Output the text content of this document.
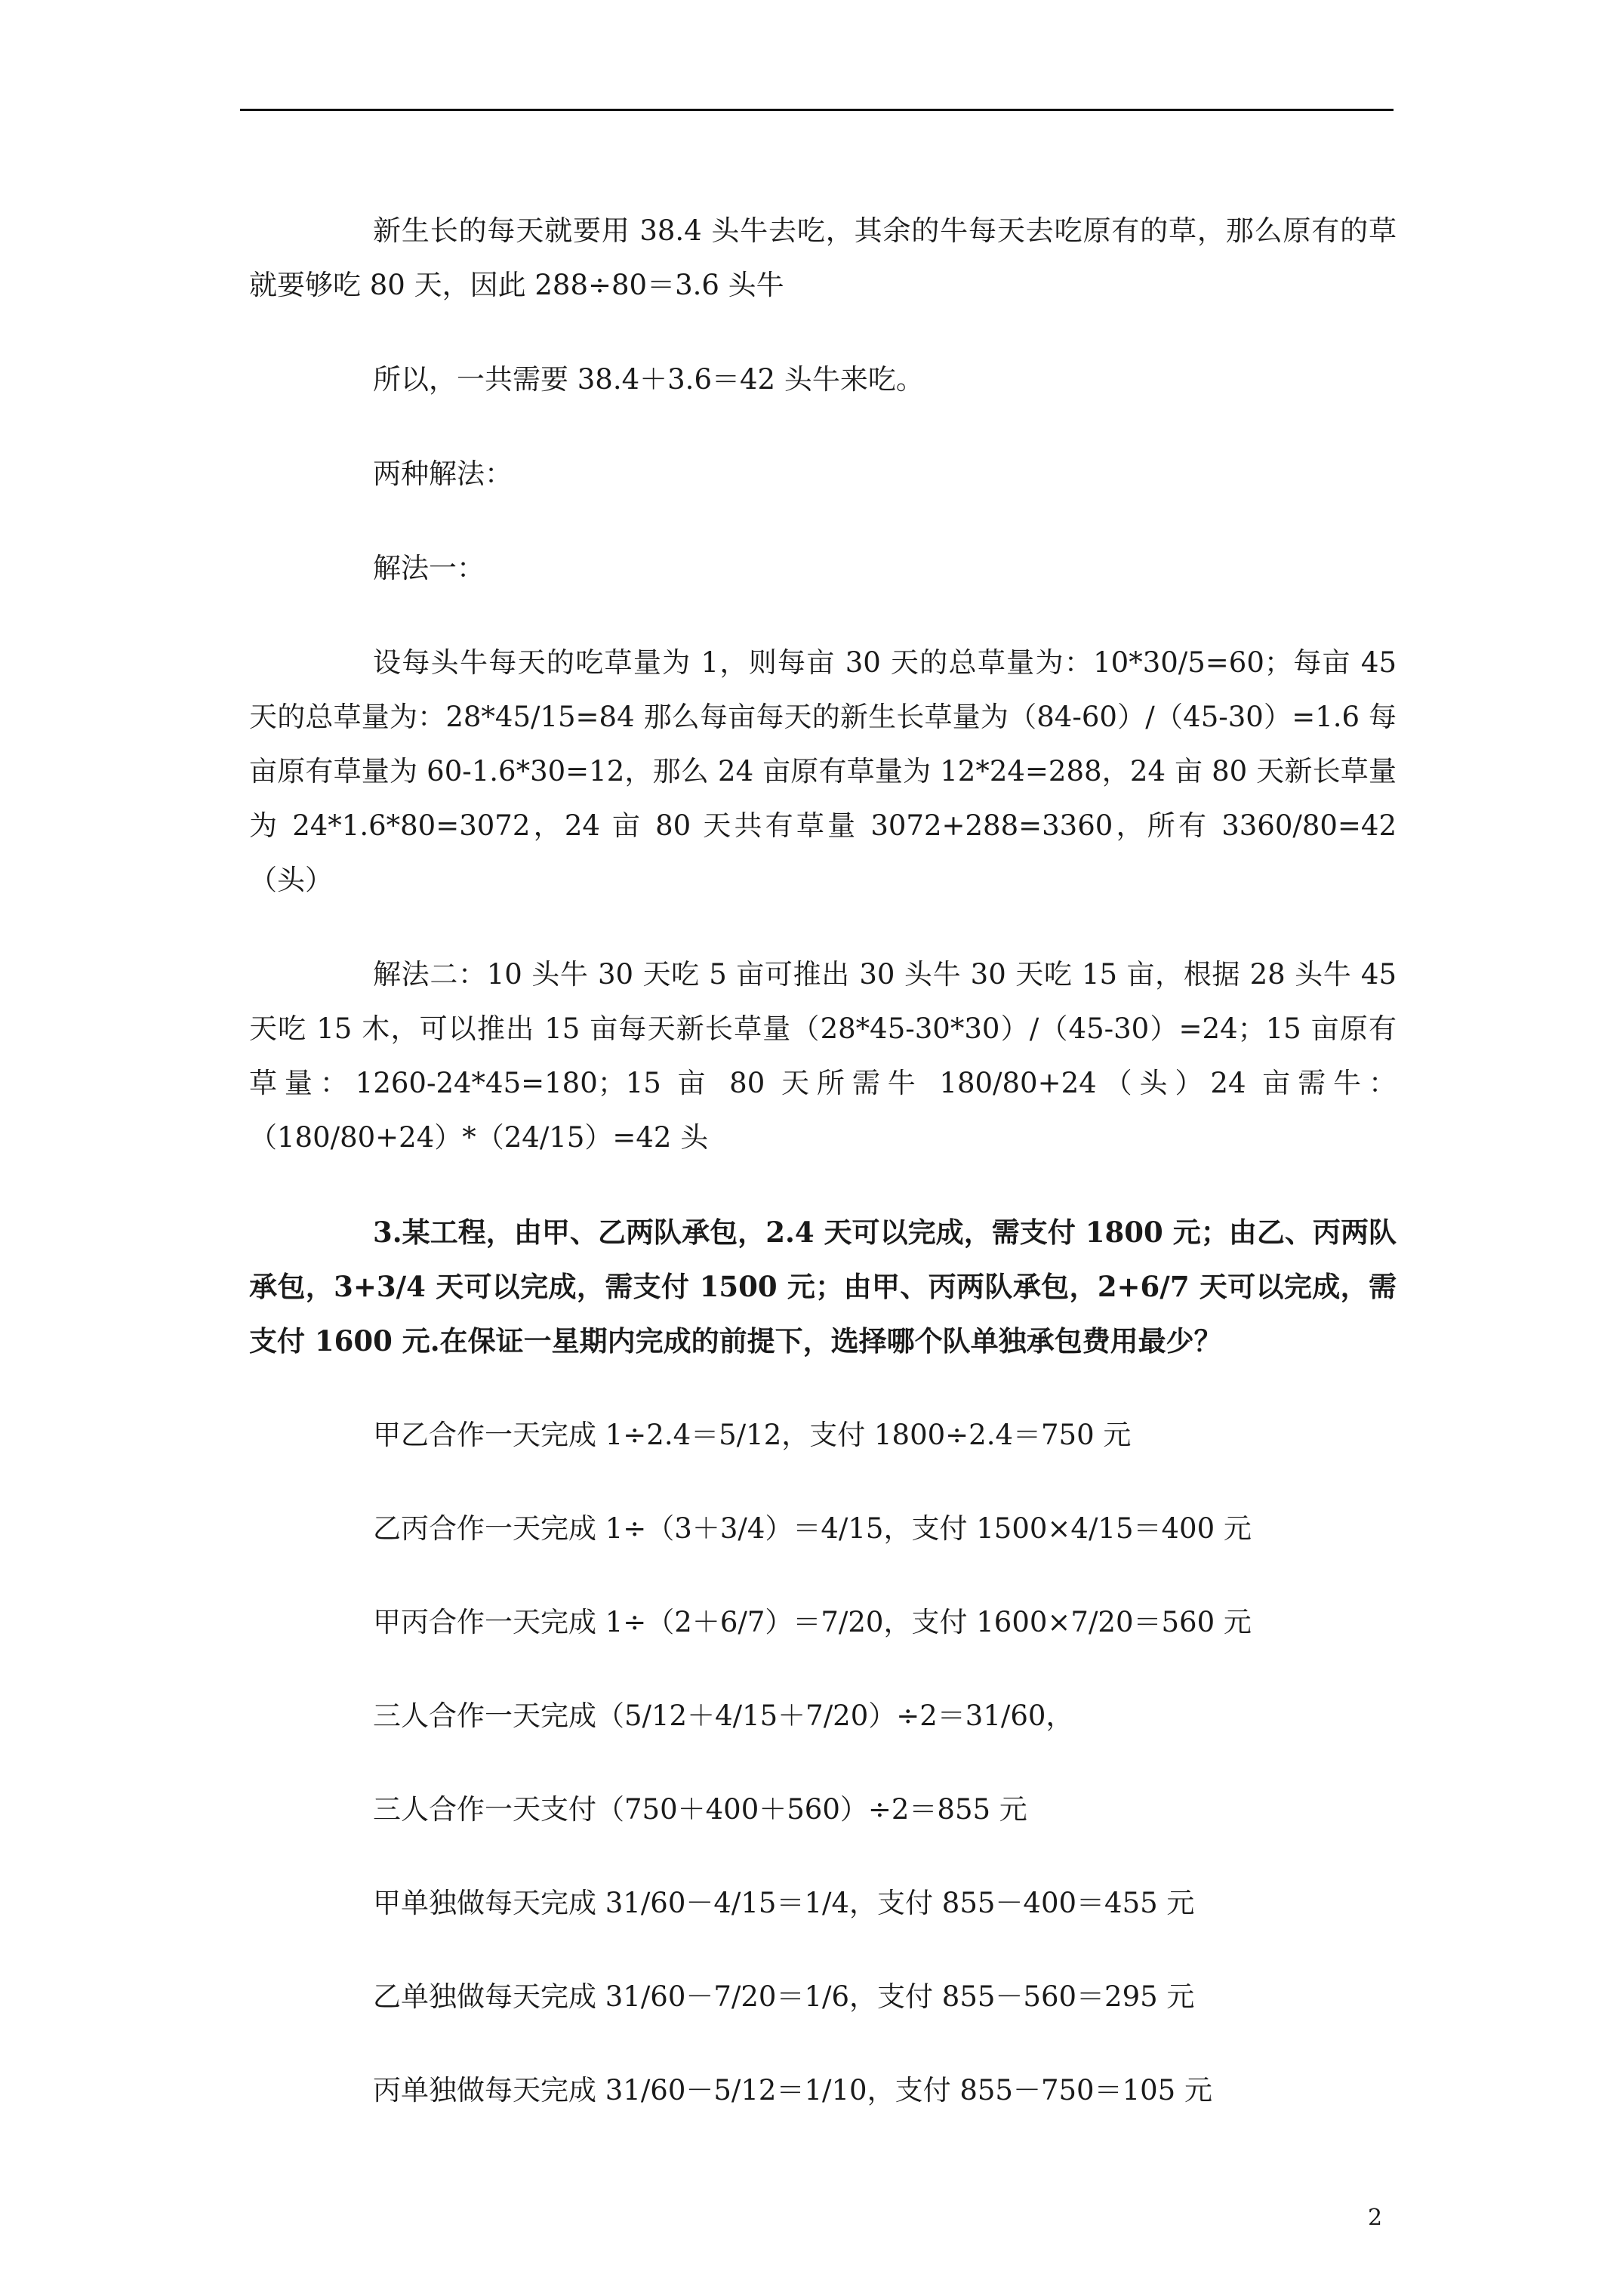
新生长的每天就要用 38.4 头牛去吃，其余的牛每天去吃原有的草，那么原有的草就要够吃 80 天，因此 288÷80＝3.6 头牛

所以，一共需要 38.4＋3.6＝42 头牛来吃。

两种解法：

解法一：

设每头牛每天的吃草量为 1，则每亩 30 天的总草量为：10*30/5=60；每亩 45 天的总草量为：28*45/15=84 那么每亩每天的新生长草量为（84-60）/（45-30）=1.6 每亩原有草量为 60-1.6*30=12，那么 24 亩原有草量为 12*24=288，24 亩 80 天新长草量为 24*1.6*80=3072，24 亩 80 天共有草量 3072+288=3360，所有 3360/80=42（头）

解法二：10 头牛 30 天吃 5 亩可推出 30 头牛 30 天吃 15 亩，根据 28 头牛 45 天吃 15 木，可以推出 15 亩每天新长草量（28*45-30*30）/（45-30）=24；15 亩原有草量：1260-24*45=180；15 亩 80 天所需牛 180/80+24（头）24 亩需牛：（180/80+24）*（24/15）=42 头

3.某工程，由甲、乙两队承包，2.4 天可以完成，需支付 1800 元；由乙、丙两队承包，3+3/4 天可以完成，需支付 1500 元；由甲、丙两队承包，2+6/7 天可以完成，需支付 1600 元.在保证一星期内完成的前提下，选择哪个队单独承包费用最少？

甲乙合作一天完成 1÷2.4＝5/12，支付 1800÷2.4＝750 元

乙丙合作一天完成 1÷（3＋3/4）＝4/15，支付 1500×4/15＝400 元

甲丙合作一天完成 1÷（2＋6/7）＝7/20，支付 1600×7/20＝560 元

三人合作一天完成（5/12＋4/15＋7/20）÷2＝31/60，

三人合作一天支付（750＋400＋560）÷2＝855 元

甲单独做每天完成 31/60－4/15＝1/4，支付 855－400＝455 元

乙单独做每天完成 31/60－7/20＝1/6，支付 855－560＝295 元

丙单独做每天完成 31/60－5/12＝1/10，支付 855－750＝105 元

2
